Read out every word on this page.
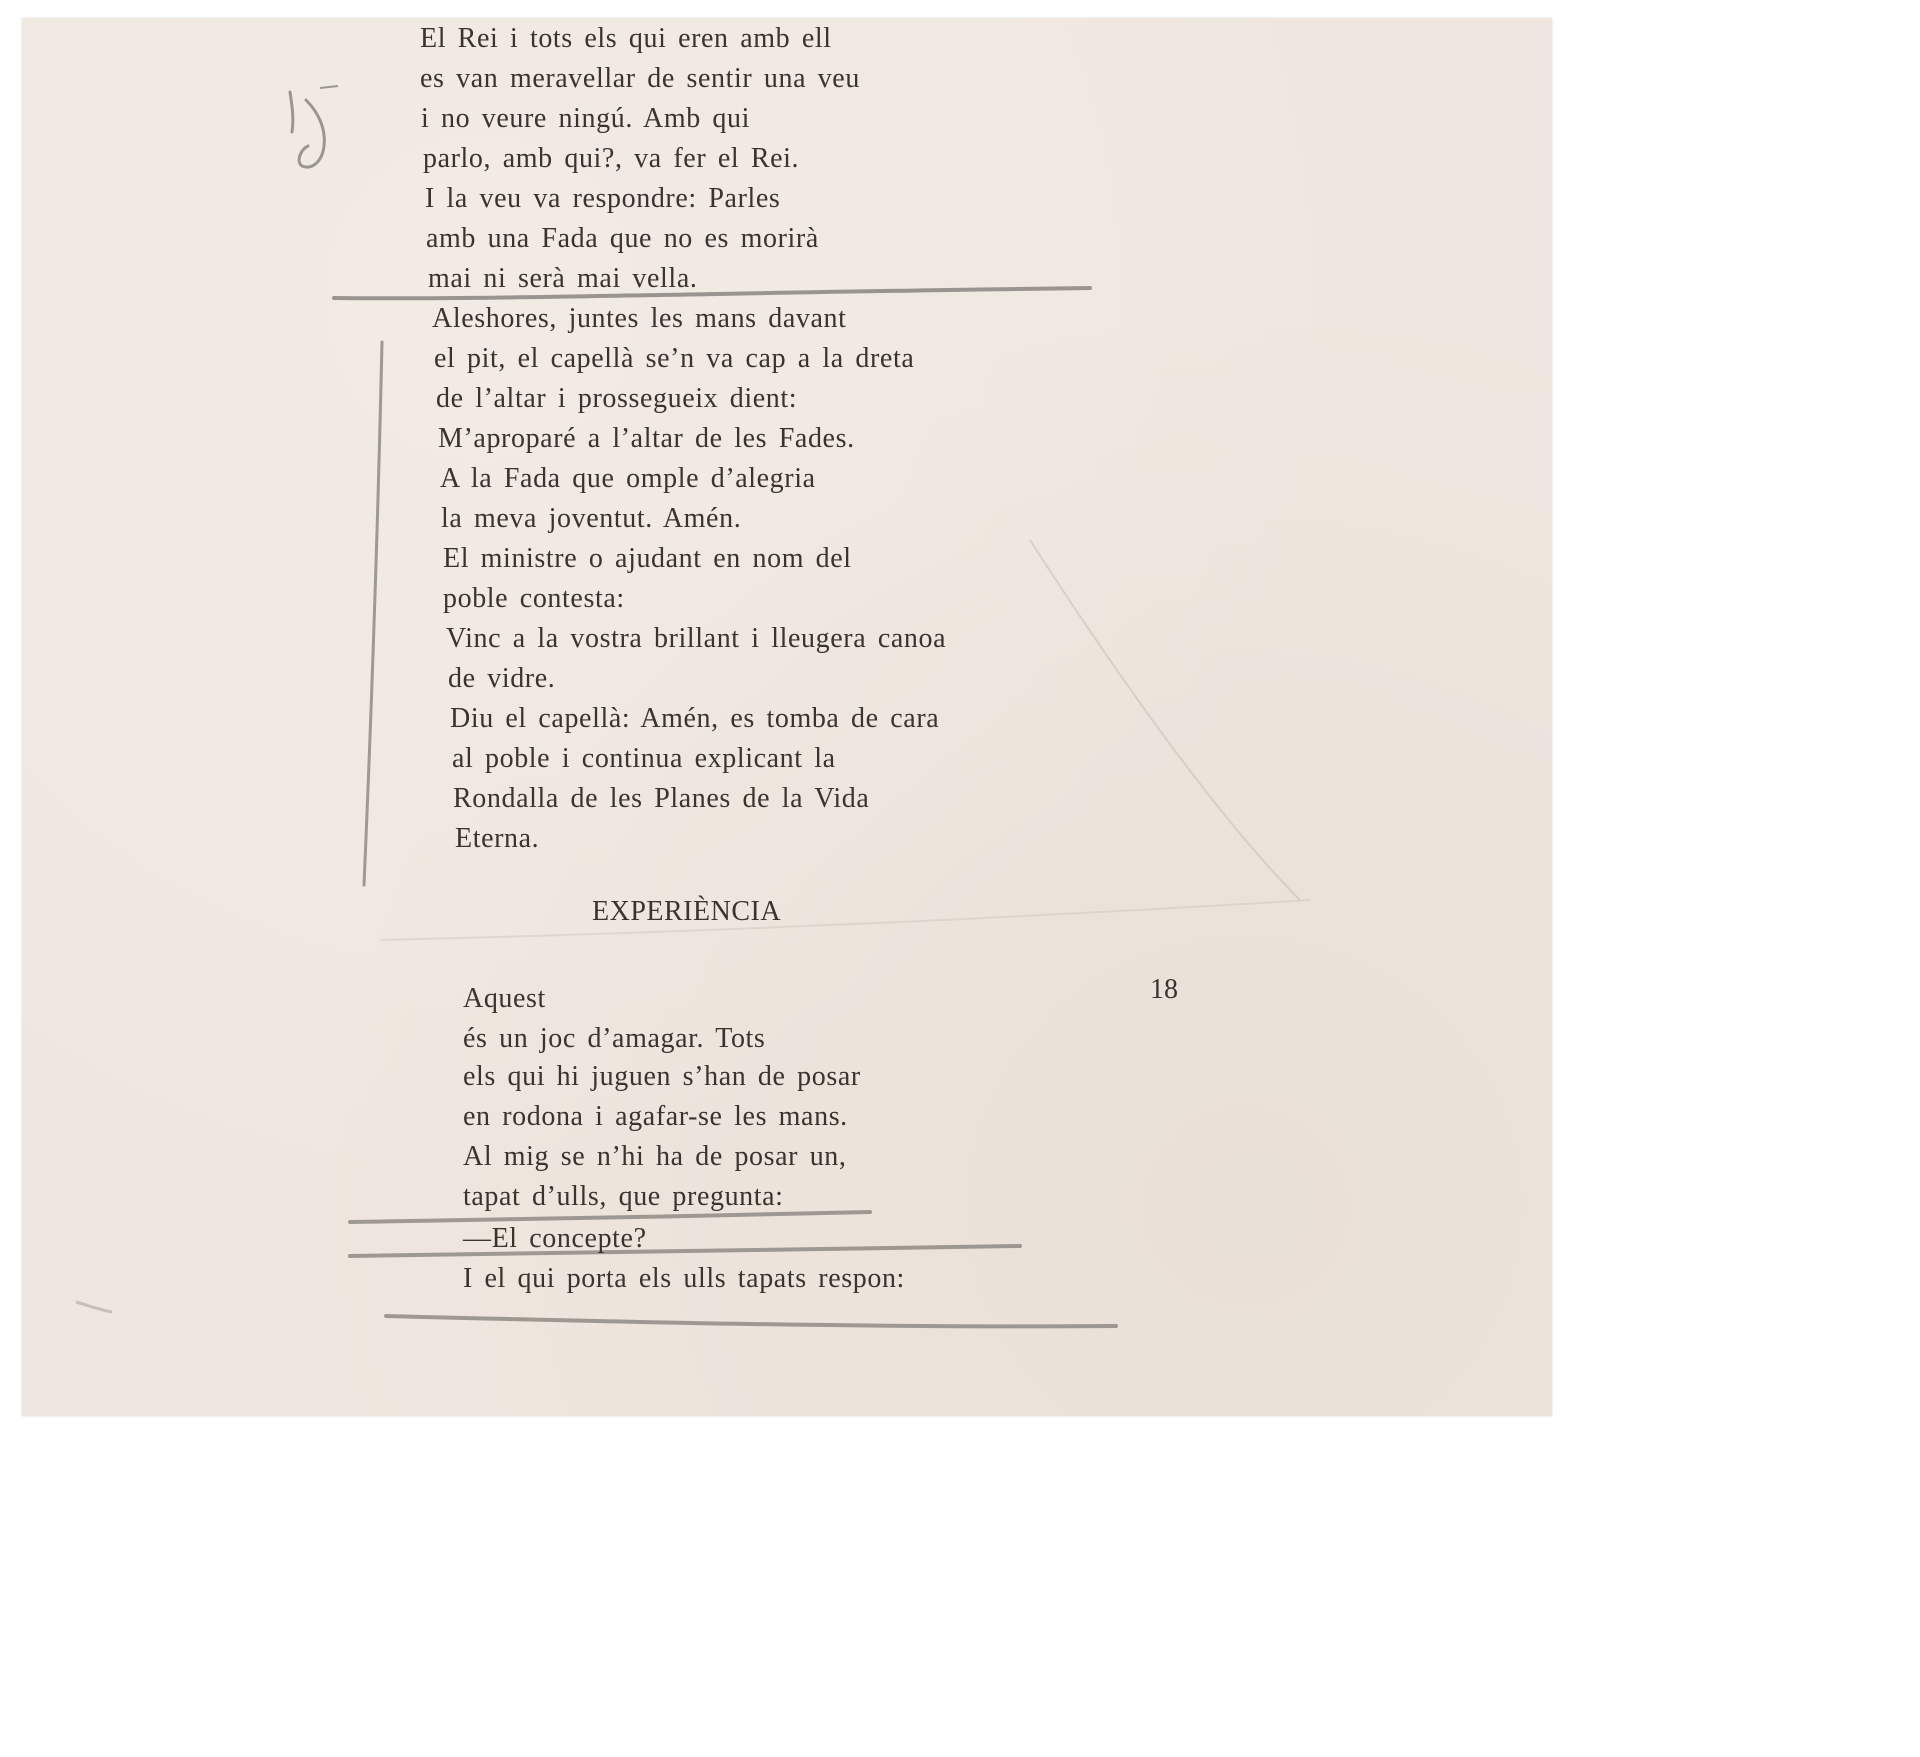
El Rei i tots els qui eren amb ell
es van meravellar de sentir una veu
i no veure ningú. Amb qui
parlo, amb qui?, va fer el Rei.
I la veu va respondre: Parles
amb una Fada que no es morirà
mai ni serà mai vella.
Aleshores, juntes les mans davant
el pit, el capellà se’n va cap a la dreta
de l’altar i prossegueix dient:
M’aproparé a l’altar de les Fades.
A la Fada que omple d’alegria
la meva joventut. Amén.
El ministre o ajudant en nom del
poble contesta:
Vinc a la vostra brillant i lleugera canoa
de vidre.
Diu el capellà: Amén, es tomba de cara
al poble i continua explicant la
Rondalla de les Planes de la Vida
Eterna.
EXPERIÈNCIA
18
Aquest
és un joc d’amagar. Tots
els qui hi juguen s’han de posar
en rodona i agafar-se les mans.
Al mig se n’hi ha de posar un,
tapat d’ulls, que pregunta:
—El concepte?
I el qui porta els ulls tapats respon:
